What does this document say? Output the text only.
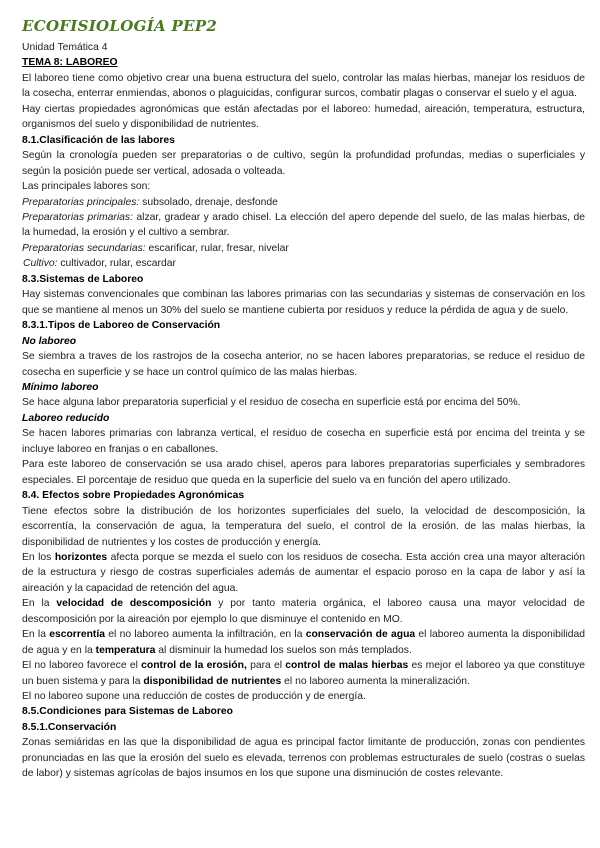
ECOFISIOLOGÍA PEP2

Unidad Temática 4

TEMA 8: LABOREO

El laboreo tiene como objetivo crear una buena estructura del suelo, controlar las malas hierbas, manejar los residuos de la cosecha, enterrar enmiendas, abonos o plaguicidas, configurar surcos, combatir plagas o conservar el suelo y el agua.

Hay ciertas propiedades agronómicas que están afectadas por el laboreo: humedad, aireación, temperatura, estructura, organismos del suelo y disponibilidad de nutrientes.

8.1.Clasificación de las labores

Según la cronología pueden ser preparatorias o de cultivo, según la profundidad profundas, medias o superficiales y según la posición puede ser vertical, adosada o volteada.

Las principales labores son:

Preparatorias principales: subsolado, drenaje, desfonde

Preparatorias primarias: alzar, gradear y arado chisel. La elección del apero depende del suelo, de las malas hierbas, de la humedad, la erosión y el cultivo a sembrar.

Preparatorias secundarias: escarificar, rular, fresar, nivelar

Cultivo: cultivador, rular, escardar

8.3.Sistemas de Laboreo

Hay sistemas convencionales que combinan las labores primarias con las secundarias y sistemas de conservación en los que se mantiene al menos un 30% del suelo se mantiene cubierta por residuos y reduce la pérdida de agua y de suelo.

8.3.1.Tipos de Laboreo de Conservación

No laboreo

Se siembra a traves de los rastrojos de la cosecha anterior, no se hacen labores preparatorias, se reduce el residuo de cosecha en superficie y se hace un control químico de las malas hierbas.

Mínimo laboreo

Se hace alguna labor preparatoria superficial y el residuo de cosecha en superficie está por encima del 50%.

Laboreo reducido

Se hacen labores primarias con labranza vertical, el residuo de cosecha en superficie está por encima del treinta y se incluye laboreo en franjas o en caballones.

Para este laboreo de conservación se usa arado chisel, aperos para labores preparatorias superficiales y sembradores especiales. El porcentaje de residuo que queda en la superficie del suelo va en función del apero utilizado.

8.4. Efectos sobre Propiedades Agronómicas

Tiene efectos sobre la distribución de los horizontes superficiales del suelo, la velocidad de descomposición, la escorrentía, la conservación de agua, la temperatura del suelo, el control de la erosión. de las malas hierbas, la disponibilidad de nutrientes y los costes de producción y energía.

En los horizontes afecta porque se mezda el suelo con los residuos de cosecha. Esta acción crea una mayor alteración de la estructura y riesgo de costras superficiales además de aumentar el espacio poroso en la capa de labor y así la aireación y la capacidad de retención del agua.

En la velocidad de descomposición y por tanto materia orgánica, el laboreo causa una mayor velocidad de descomposición por la aireación por ejemplo lo que disminuye el contenido en MO.

En la escorrentía el no laboreo aumenta la infiltración, en la conservación de agua el laboreo aumenta la disponibilidad de agua y en la temperatura al disminuir la humedad los suelos son más templados.

El no laboreo favorece el control de la erosión, para el control de malas hierbas es mejor el laboreo ya que constituye un buen sistema y para la disponibilidad de nutrientes el no laboreo aumenta la mineralización.

El no laboreo supone una reducción de costes de producción y de energía.

8.5.Condiciones para Sistemas de Laboreo

8.5.1.Conservación

Zonas semiáridas en las que la disponibilidad de agua es principal factor limitante de producción, zonas con pendientes pronunciadas en las que la erosión del suelo es elevada, terrenos con problemas estructurales de suelo (costras o suelas de labor) y sistemas agrícolas de bajos insumos en los que supone una disminución de costes relevante.
